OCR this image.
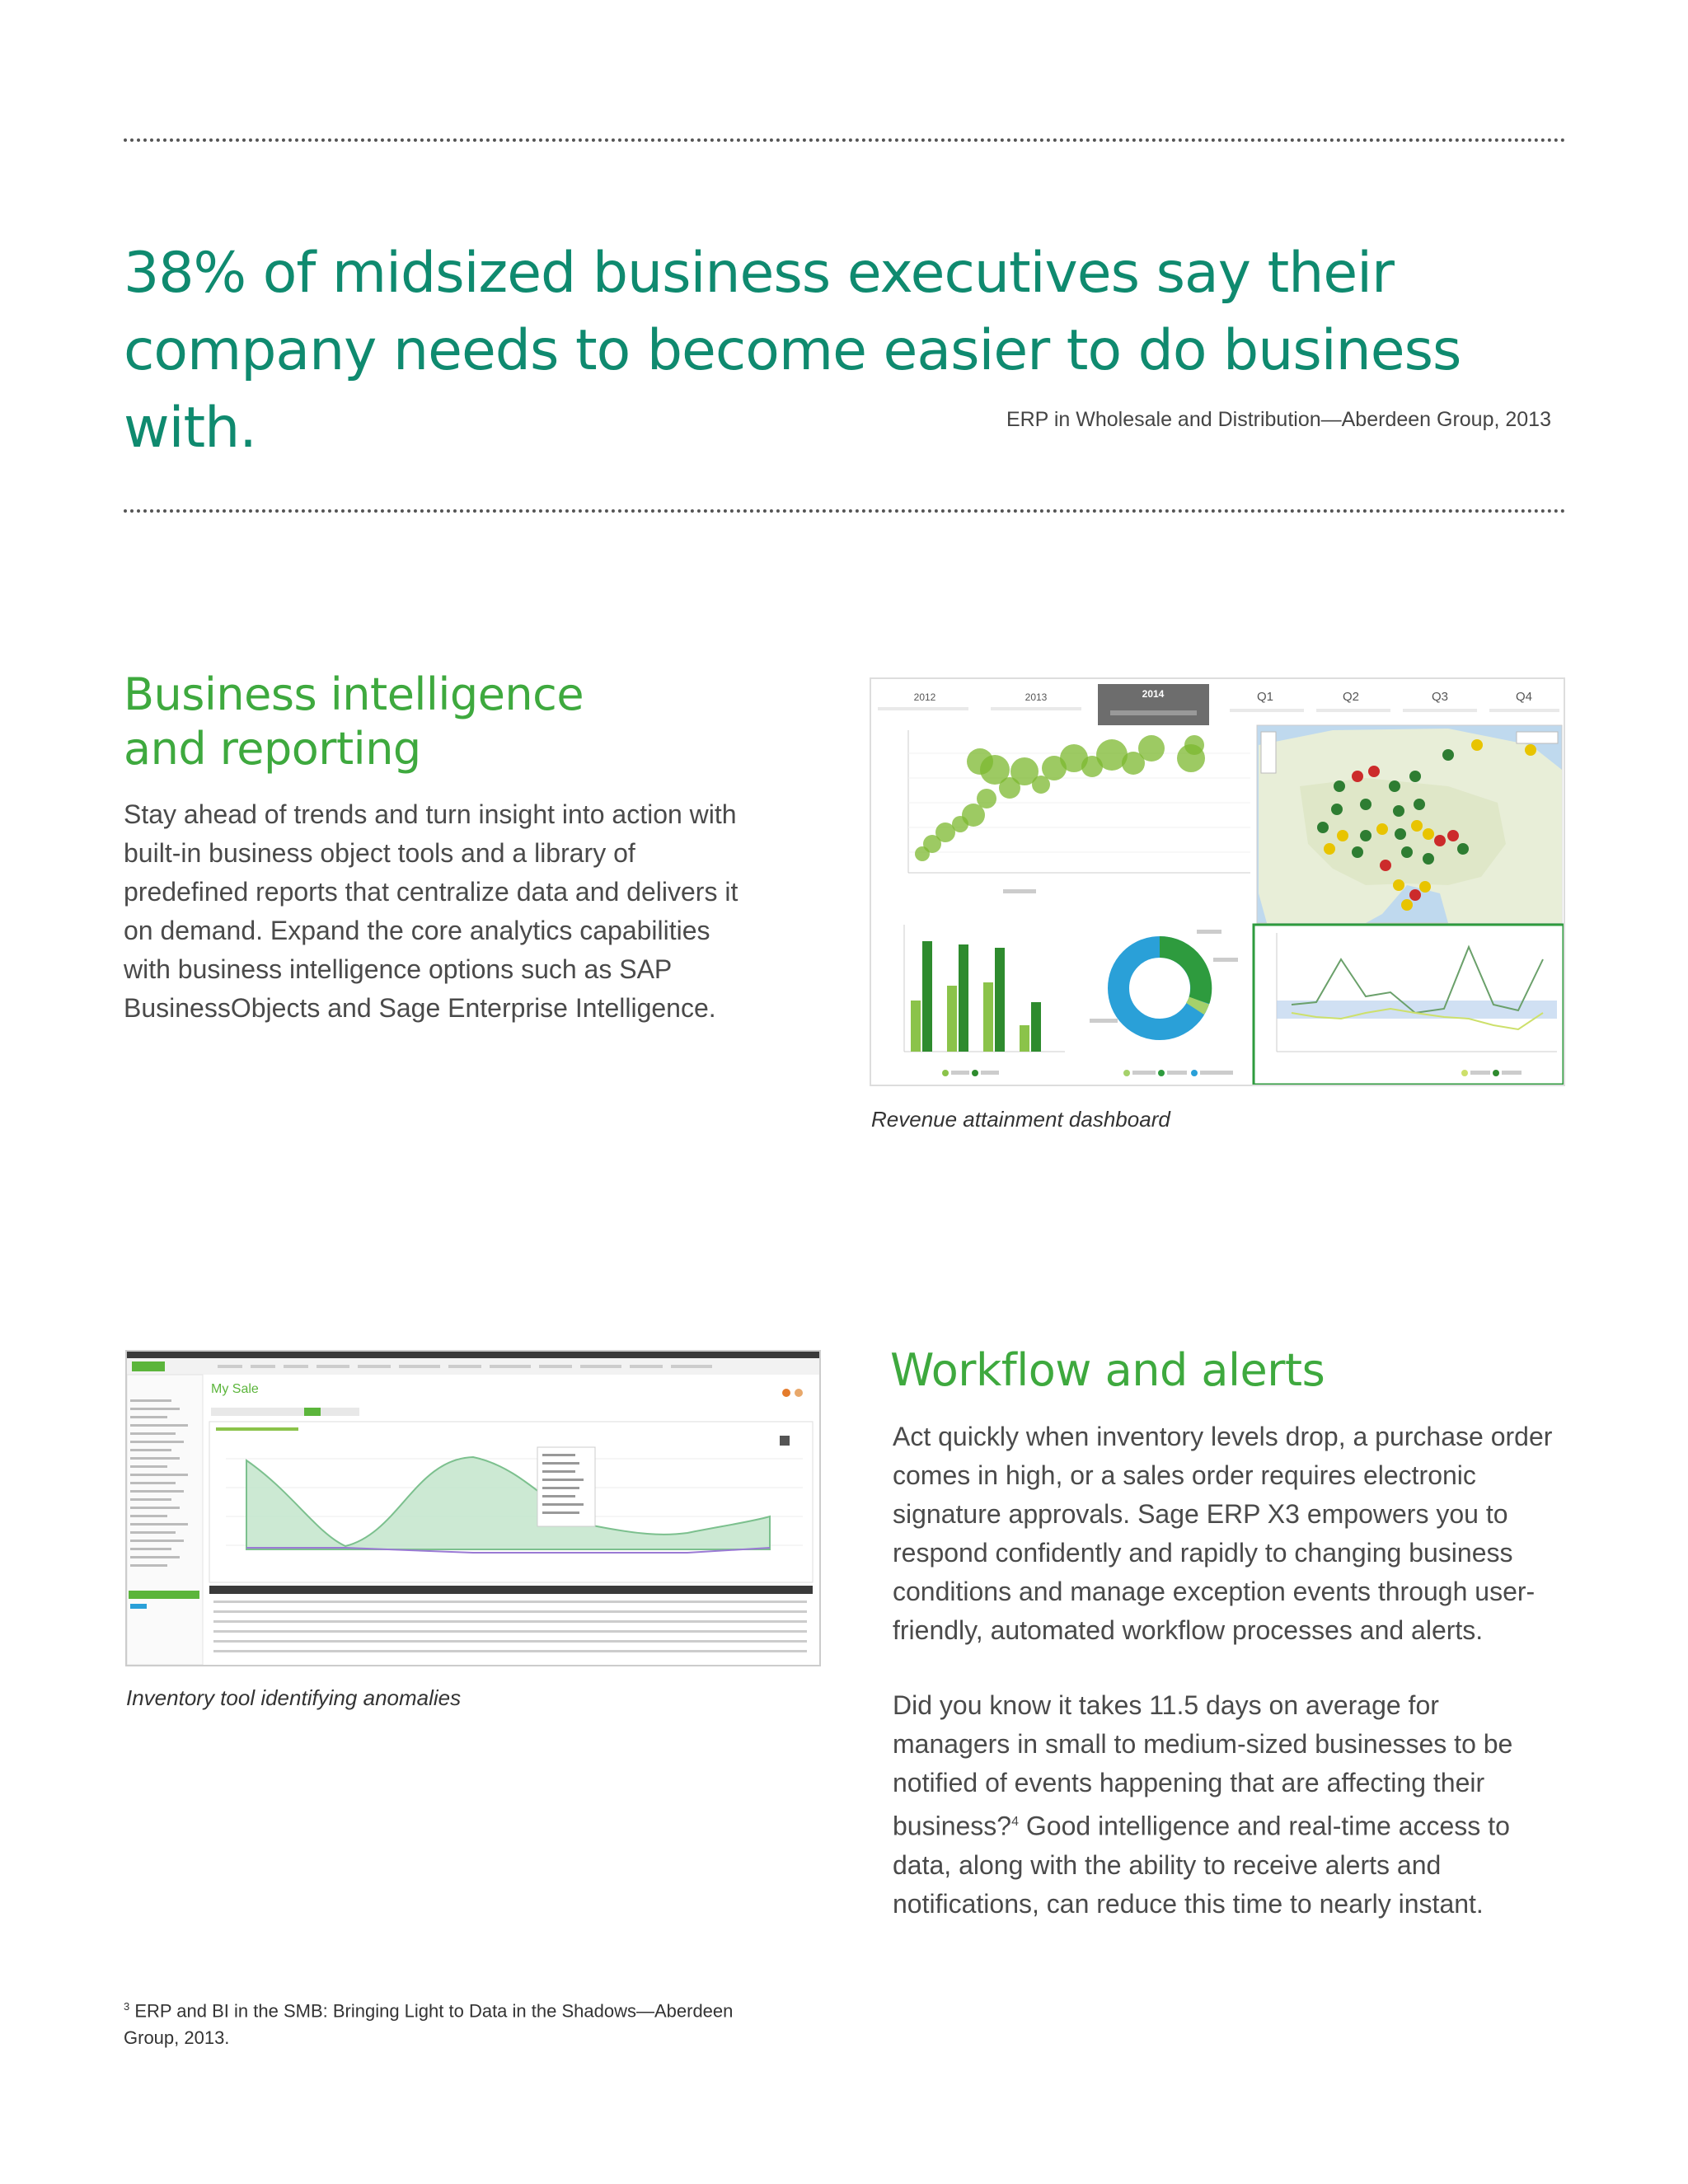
38% of midsized business executives say their
company needs to become easier to do business with.	ERP in Wholesale and Distribution—Aberdeen Group, 2013
Business intelligence
and reporting

Stay ahead of trends and turn insight into action with built-in business object tools and a library of predefined reports that centralize data and delivers it on demand. Expand the core analytics capabilities with business intelligence options such as SAP BusinessObjects and Sage Enterprise Intelligence.

2012	2013	2014	Q1	Q2	Q3	Q4
Revenue attainment dashboard
My Sale
Inventory tool identifying anomalies
Workflow and alerts

Act quickly when inventory levels drop, a purchase order comes in high, or a sales order requires electronic signature approvals. Sage ERP X3 empowers you to respond confidently and rapidly to changing business conditions and manage exception events through user-friendly, automated workflow processes and alerts.

Did you know it takes 11.5 days on average for managers in small to medium-sized businesses to be notified of events happening that are affecting their business?$^4$ Good intelligence and real-time access to data, along with the ability to receive alerts and notifications, can reduce this time to nearly instant.

$^3$ ERP and BI in the SMB: Bringing Light to Data in the Shadows—Aberdeen Group, 2013.
